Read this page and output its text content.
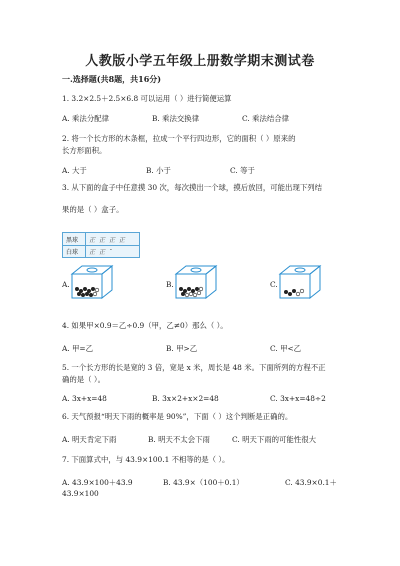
人教版小学五年级上册数学期末测试卷
一.选择题(共8题，共16分)
1. 3.2×2.5＋2.5×6.8 可以运用（ ）进行简便运算
A. 乘法分配律	B. 乘法交换律	C. 乘法结合律
2. 将一个长方形的木条框，拉成一个平行四边形，它的面积（ ）原来的
长方形面积。
A. 大于	B. 小于	C. 等于
3. 从下面的盒子中任意摸 30 次，每次摸出一个球，摸后放回，可能出现下列结
果的是（ ）盒子。
黑球 正 正 正 正
白球 正 正 ¯
A.	B.	C.
4. 如果甲×0.9＝乙÷0.9（甲，乙≠0）那么（ ）。
A. 甲=乙	B. 甲>乙	C. 甲<乙
5. 一个长方形的长是宽的 3 倍，宽是 x 米，周长是 48 米。下面所列的方程不正
确的是（ ）。
A. 3x+x=48	B. 3x×2+x×2=48	C. 3x+x=48÷2
6. 天气预报“明天下雨的概率是 90%”，下面（ ）这个判断是正确的。
A. 明天肯定下雨	B. 明天不太会下雨	C. 明天下雨的可能性很大
7. 下面算式中，与 43.9×100.1 不相等的是（ ）。
A. 43.9×100＋43.9	B. 43.9×（100＋0.1）	C. 43.9×0.1＋
43.9×100
